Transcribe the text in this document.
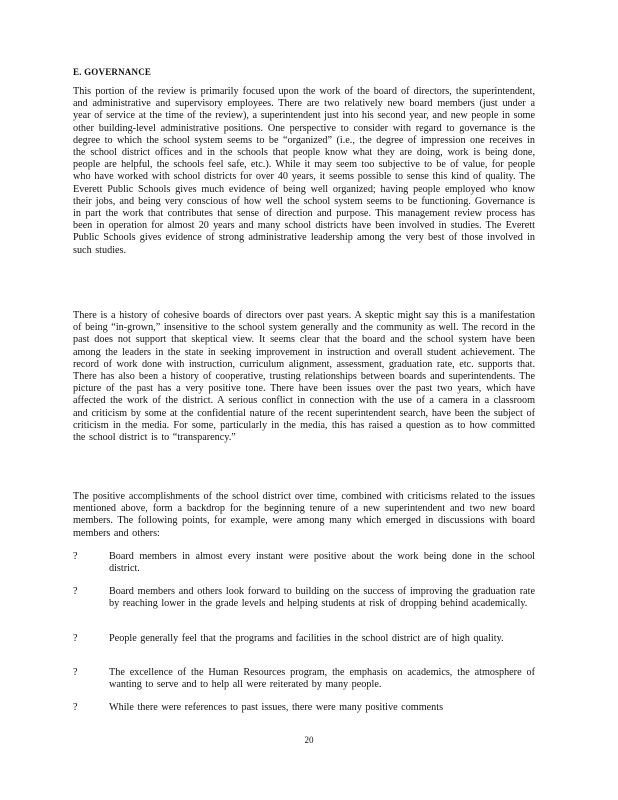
E. GOVERNANCE
This portion of the review is primarily focused upon the work of the board of directors, the superintendent, and administrative and supervisory employees. There are two relatively new board members (just under a year of service at the time of the review), a superintendent just into his second year, and new people in some other building-level administrative positions. One perspective to consider with regard to governance is the degree to which the school system seems to be “organized” (i.e., the degree of impression one receives in the school district offices and in the schools that people know what they are doing, work is being done, people are helpful, the schools feel safe, etc.). While it may seem too subjective to be of value, for people who have worked with school districts for over 40 years, it seems possible to sense this kind of quality. The Everett Public Schools gives much evidence of being well organized; having people employed who know their jobs, and being very conscious of how well the school system seems to be functioning. Governance is in part the work that contributes that sense of direction and purpose. This management review process has been in operation for almost 20 years and many school districts have been involved in studies. The Everett Public Schools gives evidence of strong administrative leadership among the very best of those involved in such studies.
There is a history of cohesive boards of directors over past years. A skeptic might say this is a manifestation of being “in-grown,” insensitive to the school system generally and the community as well. The record in the past does not support that skeptical view. It seems clear that the board and the school system have been among the leaders in the state in seeking improvement in instruction and overall student achievement. The record of work done with instruction, curriculum alignment, assessment, graduation rate, etc. supports that. There has also been a history of cooperative, trusting relationships between boards and superintendents. The picture of the past has a very positive tone. There have been issues over the past two years, which have affected the work of the district. A serious conflict in connection with the use of a camera in a classroom and criticism by some at the confidential nature of the recent superintendent search, have been the subject of criticism in the media. For some, particularly in the media, this has raised a question as to how committed the school district is to “transparency.”
The positive accomplishments of the school district over time, combined with criticisms related to the issues mentioned above, form a backdrop for the beginning tenure of a new superintendent and two new board members. The following points, for example, were among many which emerged in discussions with board members and others:
?	Board members in almost every instant were positive about the work being done in the school district.
?	Board members and others look forward to building on the success of improving the graduation rate by reaching lower in the grade levels and helping students at risk of dropping behind academically.
?	People generally feel that the programs and facilities in the school district are of high quality.
?	The excellence of the Human Resources program, the emphasis on academics, the atmosphere of wanting to serve and to help all were reiterated by many people.
?	While there were references to past issues, there were many positive comments
20
